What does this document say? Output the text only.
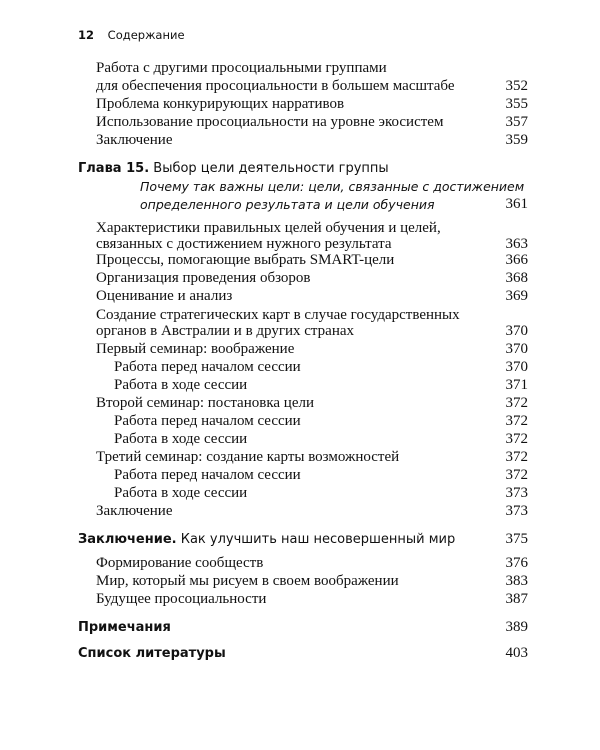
12 Содержание
Работа с другими просоциальными группами
для обеспечения просоциальности в большем масштабе	352
Проблема конкурирующих нарративов	355
Использование просоциальности на уровне экосистем	357
Заключение	359
Глава 15. Выбор цели деятельности группы
Почему так важны цели: цели, связанные с достижением
определенного результата и цели обучения	361
Характеристики правильных целей обучения и целей,
связанных с достижением нужного результата	363
Процессы, помогающие выбрать SMART-цели	366
Организация проведения обзоров	368
Оценивание и анализ	369
Создание стратегических карт в случае государственных
органов в Австралии и в других странах	370
Первый семинар: воображение	370
Работа перед началом сессии	370
Работа в ходе сессии	371
Второй семинар: постановка цели	372
Работа перед началом сессии	372
Работа в ходе сессии	372
Третий семинар: создание карты возможностей	372
Работа перед началом сессии	372
Работа в ходе сессии	373
Заключение	373
Заключение. Как улучшить наш несовершенный мир	375
Формирование сообществ	376
Мир, который мы рисуем в своем воображении	383
Будущее просоциальности	387
Примечания	389
Список литературы	403
